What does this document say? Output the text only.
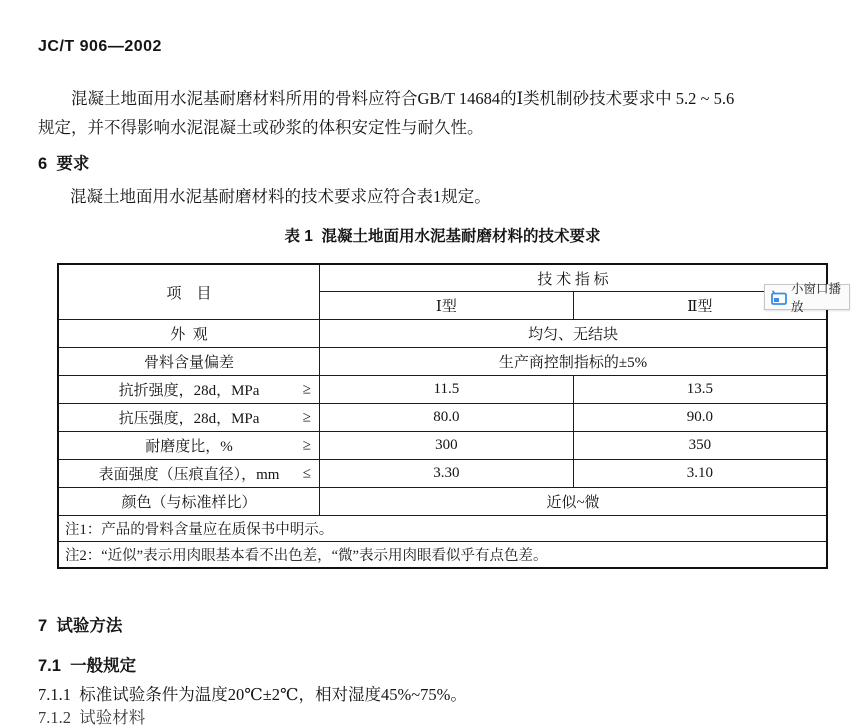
JC/T 906—2002
混凝土地面用水泥基耐磨材料所用的骨料应符合GB/T 14684的Ⅰ类机制砂技术要求中 5.2 ~ 5.6
规定，并不得影响水泥混凝土或砂浆的体积安定性与耐久性。
6  要求
混凝土地面用水泥基耐磨材料的技术要求应符合表1规定。
表 1  混凝土地面用水泥基耐磨材料的技术要求
项    目	技 术 指 标	
	Ⅰ型	Ⅱ型
外  观	均匀、无结块	
骨料含量偏差	生产商控制指标的±5%	
抗折强度，28d，MPa ≥	11.5	13.5
抗压强度，28d，MPa ≥	80.0	90.0
耐磨度比，% ≥	300	350
表面强度（压痕直径），mm ≤	3.30	3.10
颜色（与标准样比）	近似~微	
注1：产品的骨料含量应在质保书中明示。		
注2：“近似”表示用肉眼基本看不出色差，“微”表示用肉眼看似乎有点色差。		
7  试验方法
7.1  一般规定
7.1.1  标准试验条件为温度20℃±2℃，相对湿度45%~75%。
7.1.2  试验材料
小窗口播放
